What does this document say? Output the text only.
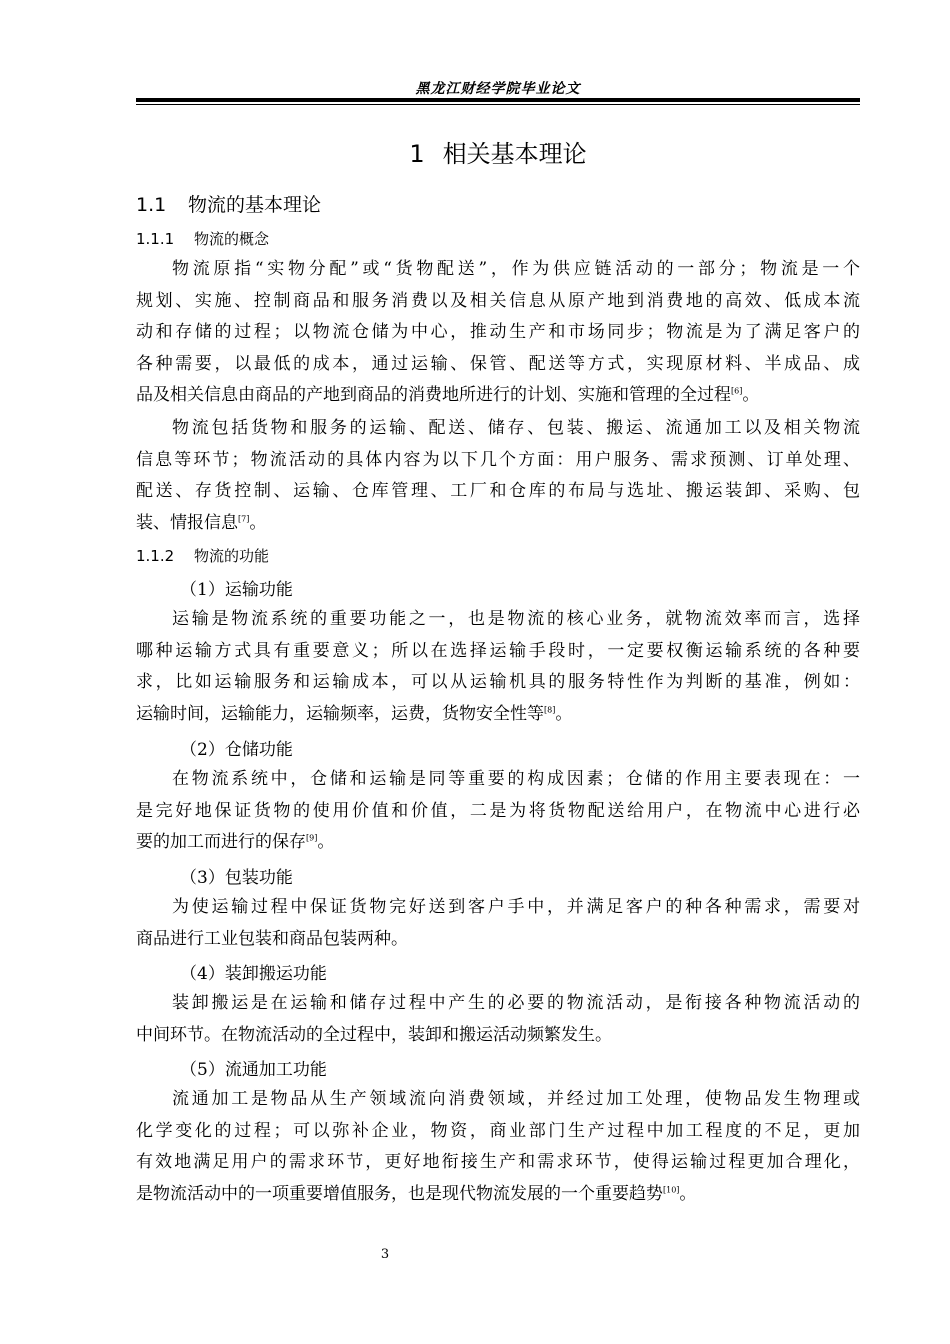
黑龙江财经学院毕业论文
1 相关基本理论
1.1 物流的基本理论
1.1.1 物流的概念
物流原指“实物分配”或“货物配送”，作为供应链活动的一部分；物流是一个
规划、实施、控制商品和服务消费以及相关信息从原产地到消费地的高效、低成本流
动和存储的过程；以物流仓储为中心，推动生产和市场同步；物流是为了满足客户的
各种需要，以最低的成本，通过运输、保管、配送等方式，实现原材料、半成品、成
品及相关信息由商品的产地到商品的消费地所进行的计划、实施和管理的全过程[6]。
物流包括货物和服务的运输、配送、储存、包装、搬运、流通加工以及相关物流
信息等环节；物流活动的具体内容为以下几个方面：用户服务、需求预测、订单处理、
配送、存货控制、运输、仓库管理、工厂和仓库的布局与选址、搬运装卸、采购、包
装、情报信息[7]。
1.1.2 物流的功能
（1）运输功能
运输是物流系统的重要功能之一，也是物流的核心业务，就物流效率而言，选择
哪种运输方式具有重要意义；所以在选择运输手段时，一定要权衡运输系统的各种要
求，比如运输服务和运输成本，可以从运输机具的服务特性作为判断的基准，例如：
运输时间，运输能力，运输频率，运费，货物安全性等[8]。
（2）仓储功能
在物流系统中，仓储和运输是同等重要的构成因素；仓储的作用主要表现在：一
是完好地保证货物的使用价值和价值，二是为将货物配送给用户，在物流中心进行必
要的加工而进行的保存[9]。
（3）包装功能
为使运输过程中保证货物完好送到客户手中，并满足客户的种各种需求，需要对
商品进行工业包装和商品包装两种。
（4）装卸搬运功能
装卸搬运是在运输和储存过程中产生的必要的物流活动，是衔接各种物流活动的
中间环节。在物流活动的全过程中，装卸和搬运活动频繁发生。
（5）流通加工功能
流通加工是物品从生产领域流向消费领域，并经过加工处理，使物品发生物理或
化学变化的过程；可以弥补企业，物资，商业部门生产过程中加工程度的不足，更加
有效地满足用户的需求环节，更好地衔接生产和需求环节，使得运输过程更加合理化，
是物流活动中的一项重要增值服务，也是现代物流发展的一个重要趋势[10]。
3
